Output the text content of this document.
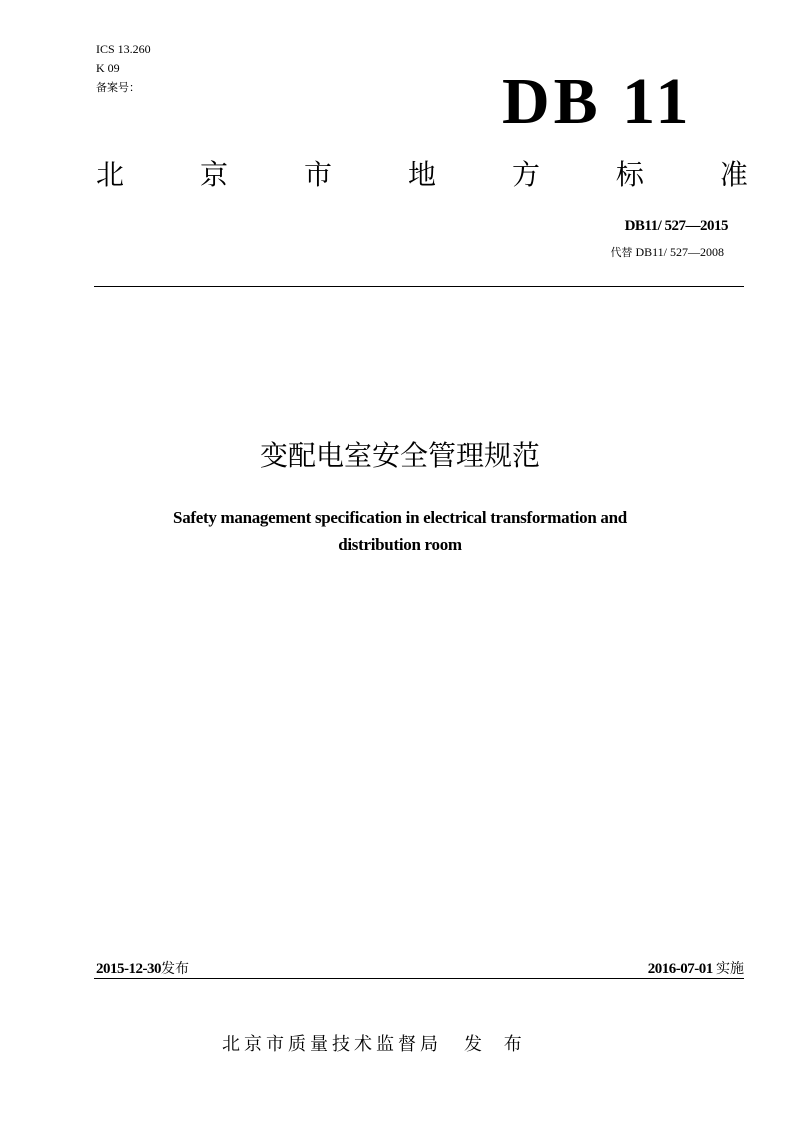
ICS 13.260
K 09
备案号：	DB 11
北	京	市	地	方	标	准
DB11/ 527—2015
代替 DB11/ 527—2008
变配电室安全管理规范
Safety management specification in electrical transformation and
distribution room
2015-12-30发布	2016-07-01 实施
北京市质量技术监督局 发 布
